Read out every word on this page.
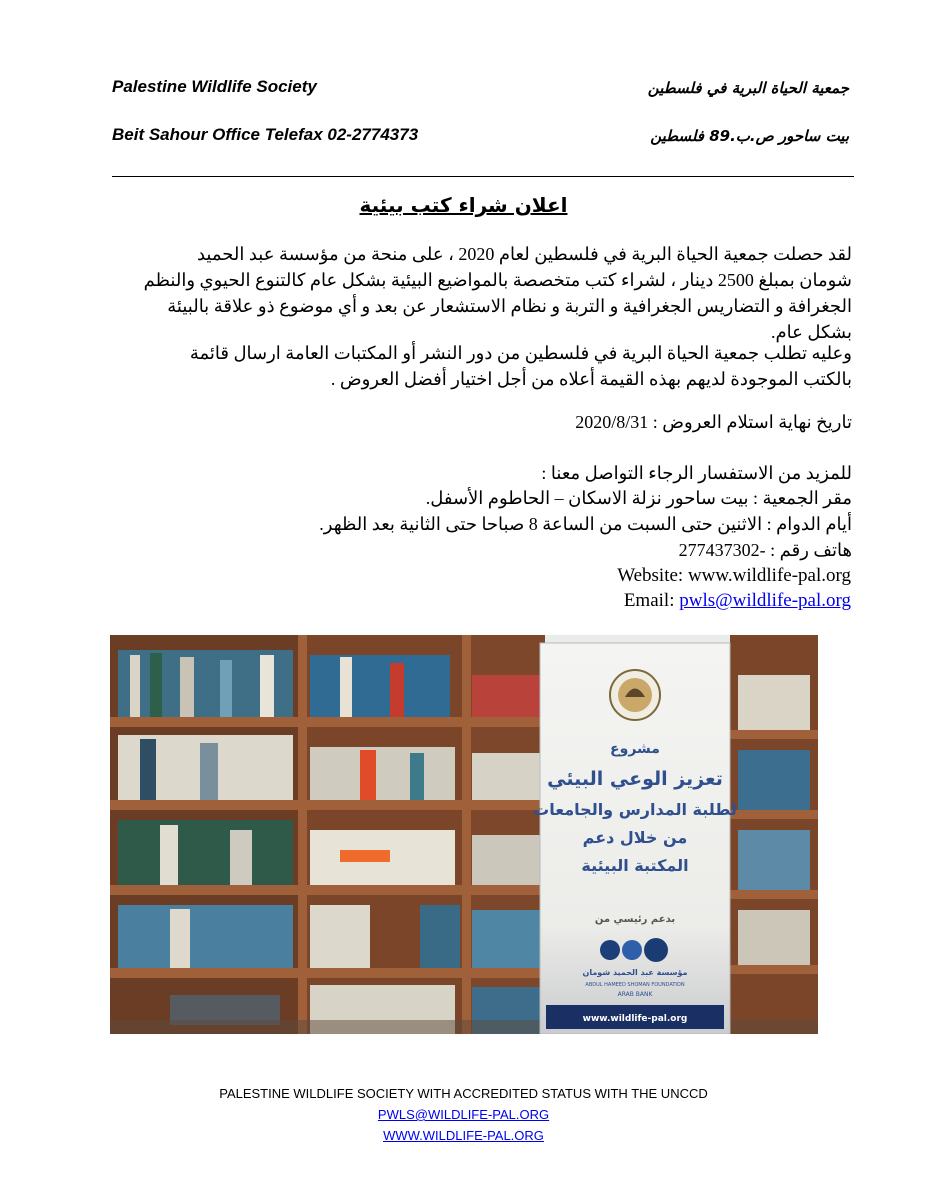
Palestine Wildlife Society	جمعية الحياة البرية في فلسطين
Beit Sahour Office Telefax 02-2774373	بيت ساحور ص.ب.89 فلسطين
اعلان شراء كتب بيئية
لقد حصلت جمعية الحياة البرية في فلسطين لعام 2020 ، على منحة من مؤسسة عبد الحميد شومان بمبلغ 2500 دينار ، لشراء كتب متخصصة بالمواضيع البيئية بشكل عام كالتنوع الحيوي والنظم الجغرافة و التضاريس الجغرافية و التربة و نظام الاستشعار عن بعد و أي موضوع ذو علاقة بالبيئة بشكل عام.
وعليه تطلب جمعية الحياة البرية في فلسطين من دور النشر أو المكتبات العامة ارسال قائمة بالكتب الموجودة لديهم بهذه القيمة أعلاه من أجل اختيار أفضل العروض .
تاريخ نهاية استلام العروض : 2020/8/31
للمزيد من الاستفسار الرجاء التواصل معنا :
مقر الجمعية : بيت ساحور نزلة الاسكان – الحاطوم الأسفل.
أيام الدوام : الاثنين حتى السبت من الساعة 8 صباحا حتى الثانية بعد الظهر.
هاتف رقم : -277437302
Website: www.wildlife-pal.org
Email: pwls@wildlife-pal.org
مشروع
تعزيز الوعي البيئي
لطلبة المدارس والجامعات
من خلال دعم
المكتبة البيئية
بدعم رئيسي من
مؤسسة عبد الحميد شومان
ABDUL HAMEED SHOMAN FOUNDATION
ARAB BANK
www.wildlife-pal.org
PALESTINE WILDLIFE SOCIETY WITH ACCREDITED STATUS WITH THE UNCCD
PWLS@WILDLIFE-PAL.ORG
WWW.WILDLIFE-PAL.ORG
